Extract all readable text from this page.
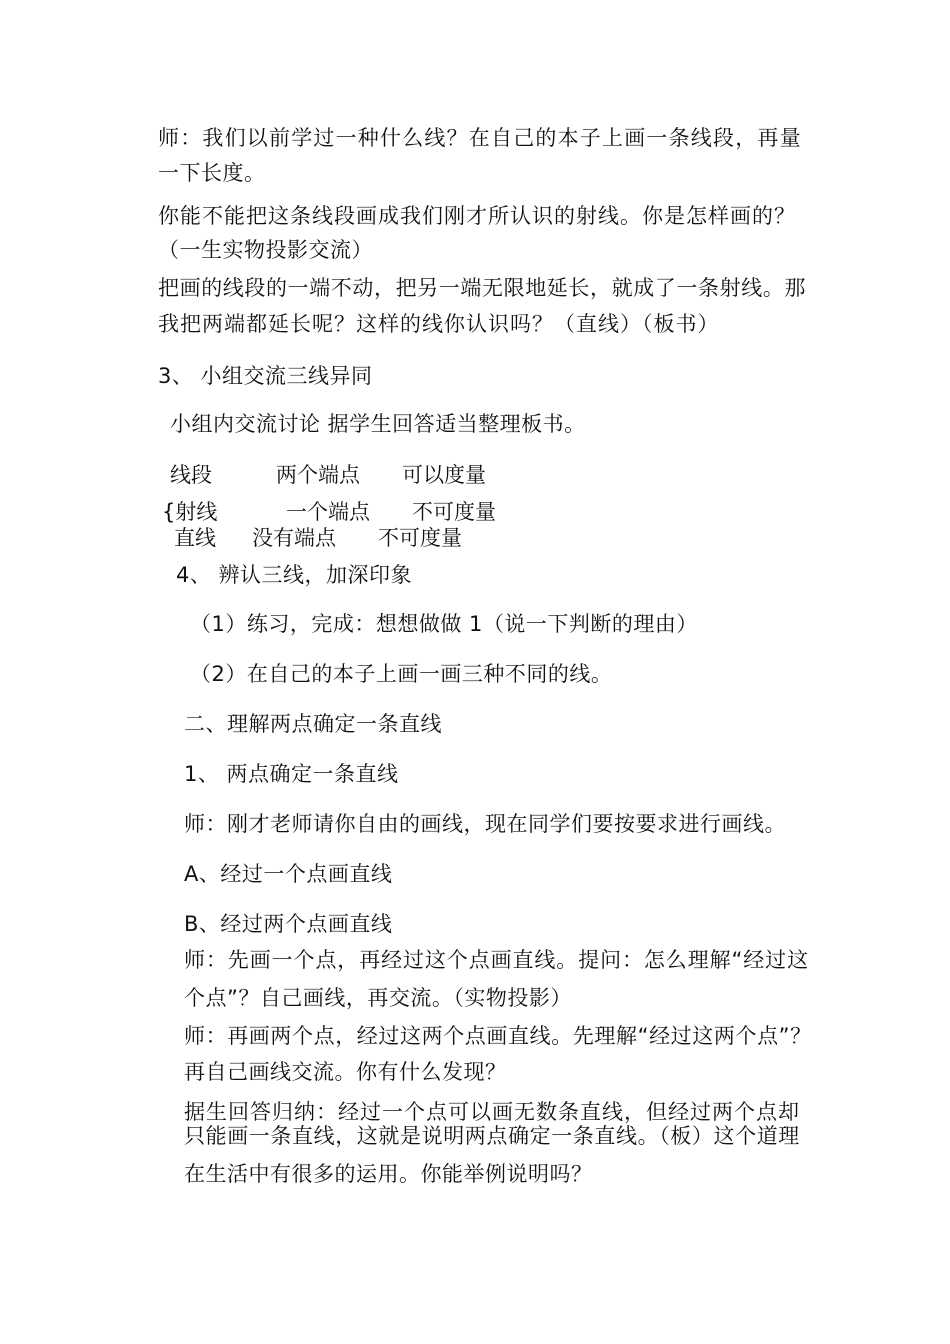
师：我们以前学过一种什么线？在自己的本子上画一条线段，再量
一下长度。
你能不能把这条线段画成我们刚才所认识的射线。你是怎样画的？
（一生实物投影交流）
把画的线段的一端不动，把另一端无限地延长，就成了一条射线。那
我把两端都延长呢？这样的线你认识吗？（直线）（板书）
3、 小组交流三线异同
小组内交流讨论 据学生回答适当整理板书。
线段	两个端点 可以度量
{射线	一个端点 不可度量
直线 没有端点 不可度量
4、 辨认三线，加深印象
（1）练习，完成：想想做做 1（说一下判断的理由）
（2）在自己的本子上画一画三种不同的线。
二、理解两点确定一条直线
1、 两点确定一条直线
师：刚才老师请你自由的画线，现在同学们要按要求进行画线。
A、经过一个点画直线
B、经过两个点画直线
师：先画一个点，再经过这个点画直线。提问：怎么理解“经过这
个点”？自己画线，再交流。（实物投影）
师：再画两个点，经过这两个点画直线。先理解“经过这两个点”？
再自己画线交流。你有什么发现？
据生回答归纳：经过一个点可以画无数条直线，但经过两个点却
只能画一条直线，这就是说明两点确定一条直线。（板）这个道理
在生活中有很多的运用。你能举例说明吗？
